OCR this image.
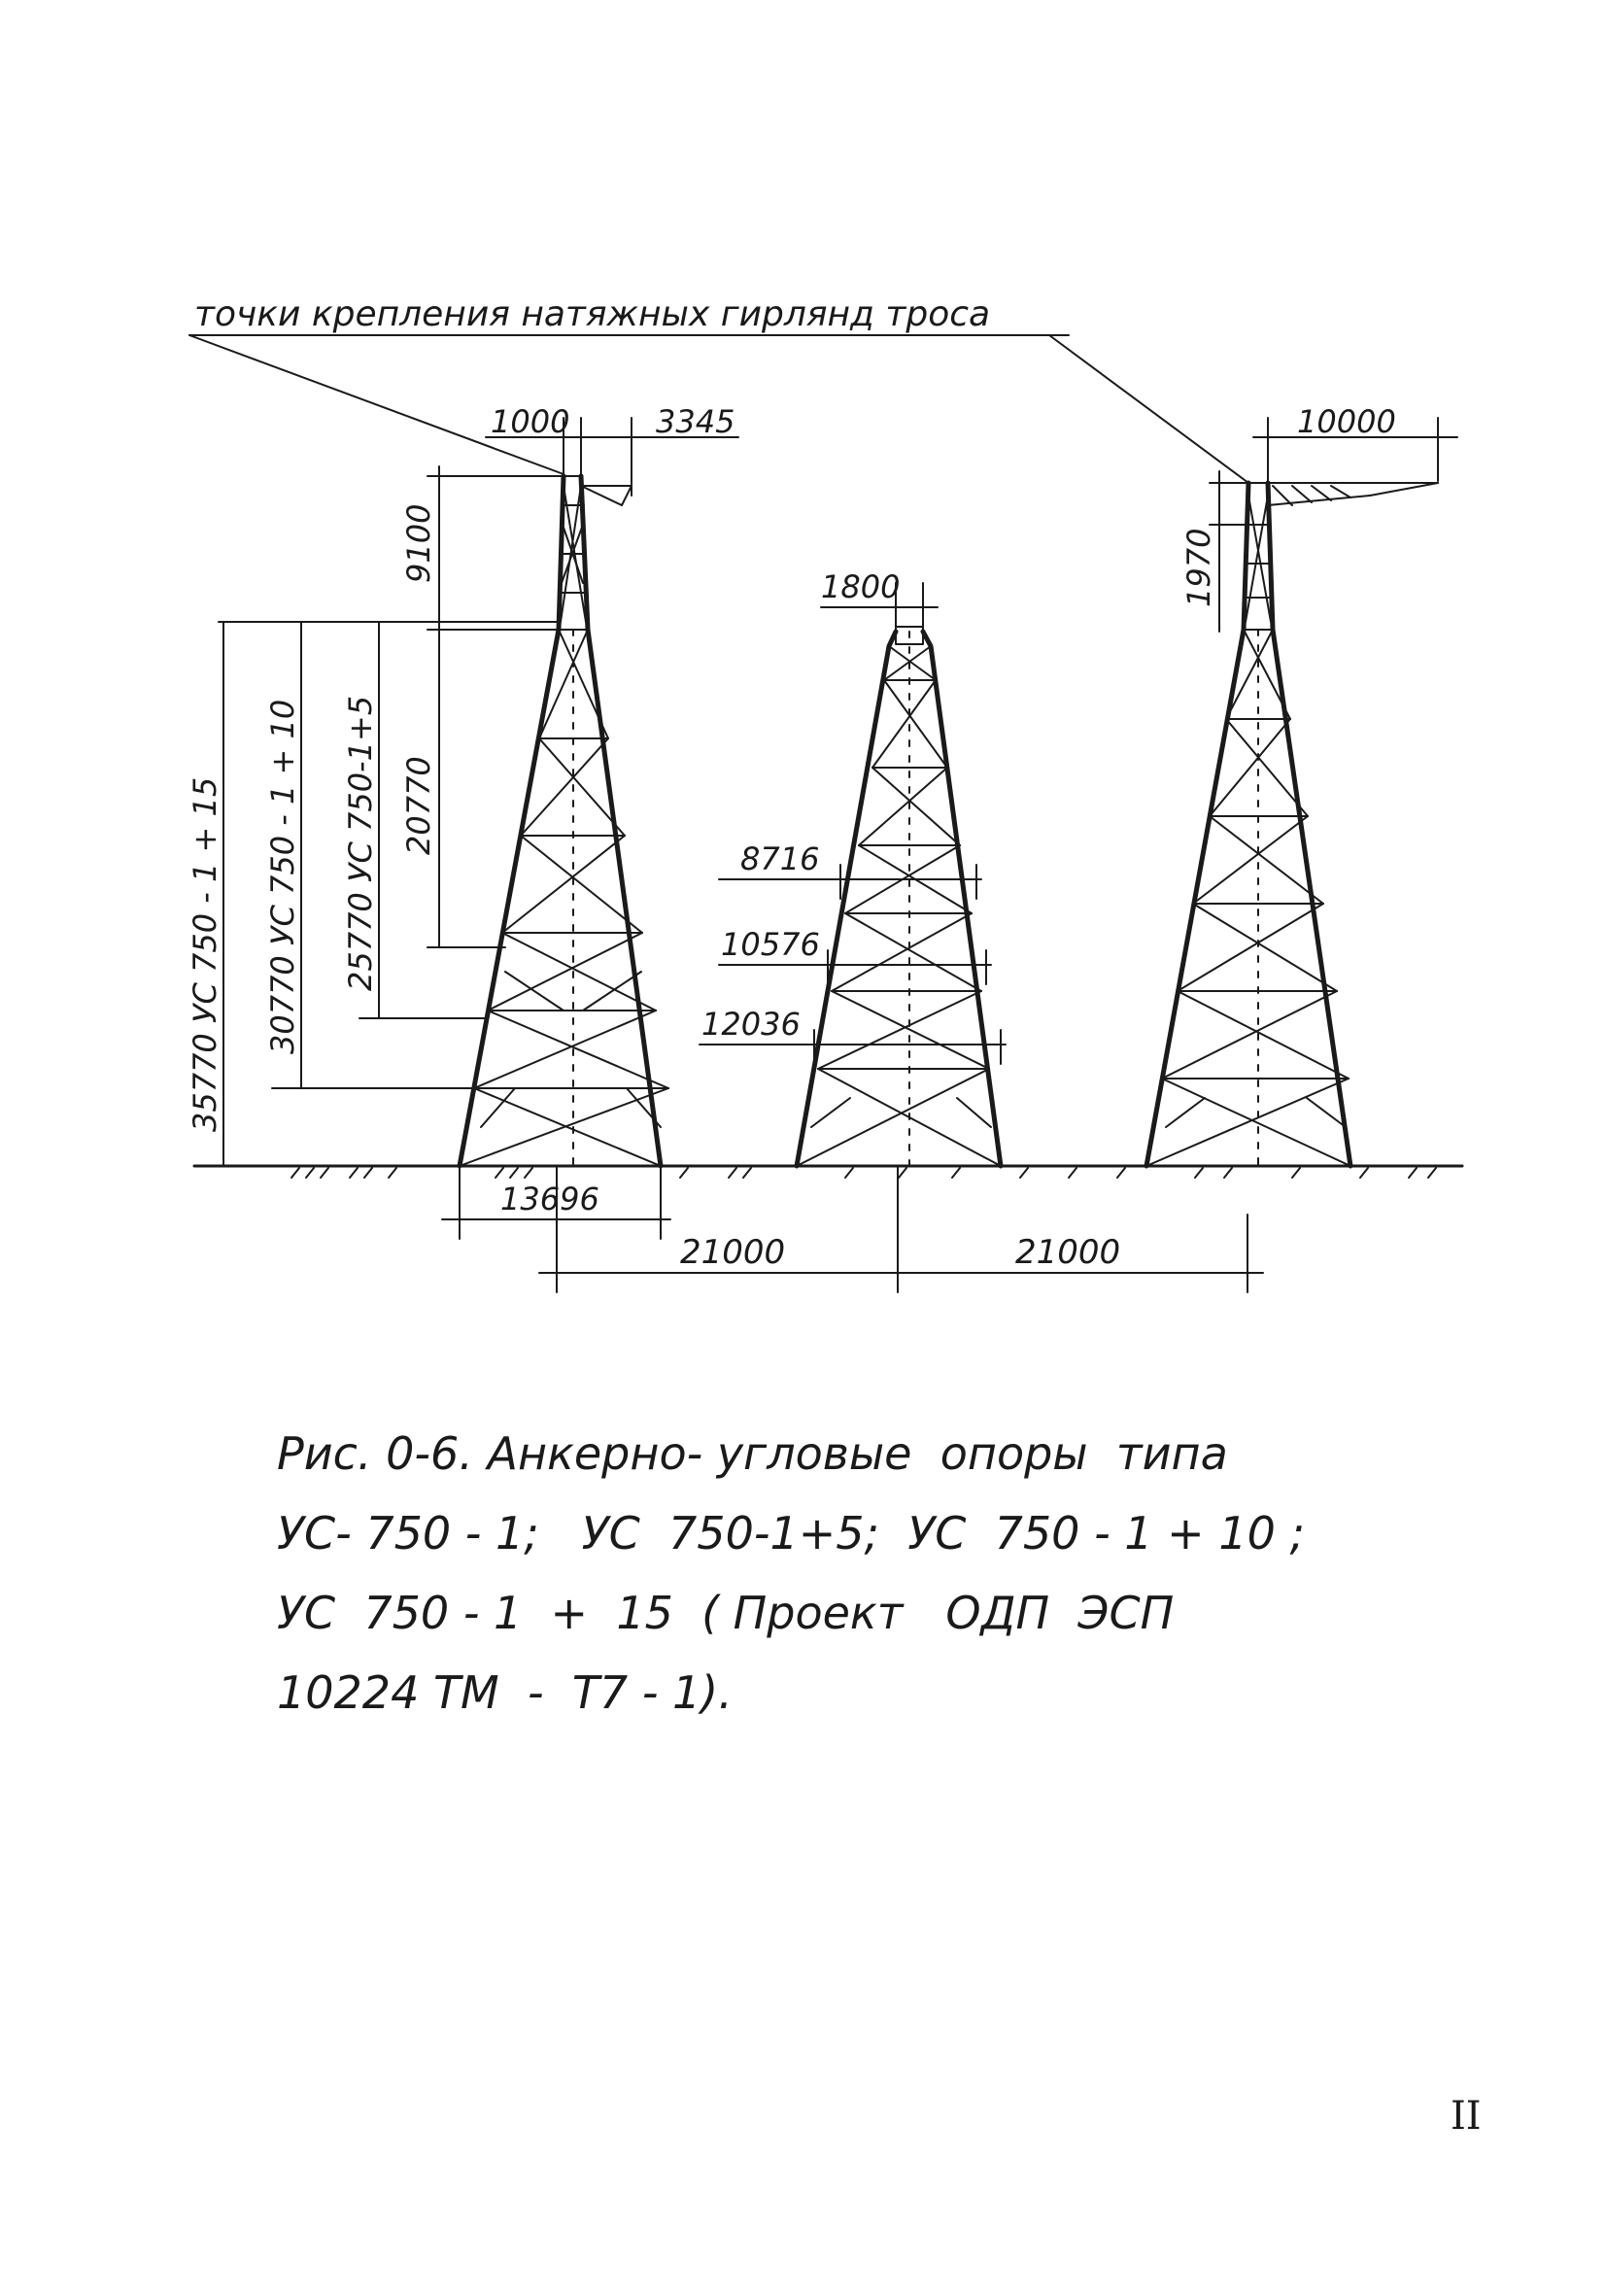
точки крепления натяжных гирлянд троса
1000	3345
9100
20770
35770 УС 750 - 1 + 15 30770 УС 750 - 1 + 10 25770 УС 750-1+5
13696
1800
8716
10576
12036
10000
1970
21000	21000
Рис. 0-6. Анкерно- угловые  опоры  типа
УС- 750 - 1;   УС  750-1+5;  УС  750 - 1 + 10 ;
УС  750 - 1  +  15  ( Проект   ОДП  ЭСП
10224 ТМ  -  Т7 - 1).
II
